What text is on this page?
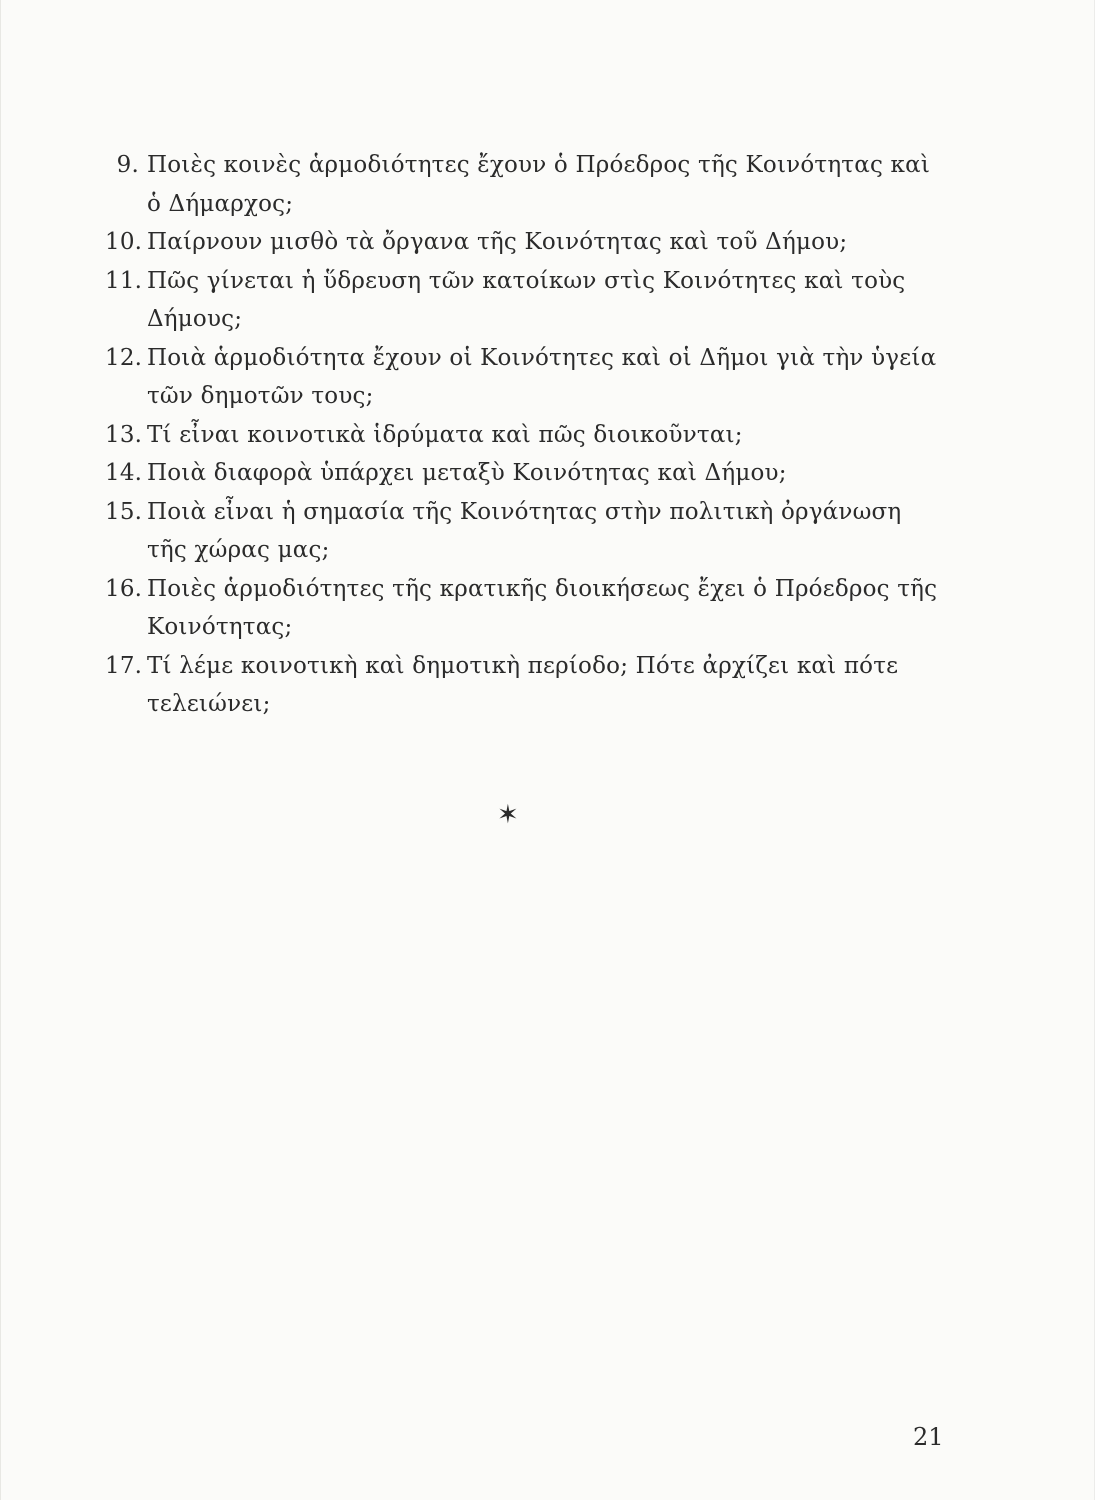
9. Ποιὲς κοινὲς ἁρμοδιότητες ἔχουν ὁ Πρόεδρος τῆς Κοινότητας καὶ ὁ Δήμαρχος;
10. Παίρνουν μισθὸ τὰ ὄργανα τῆς Κοινότητας καὶ τοῦ Δήμου;
11. Πῶς γίνεται ἡ ὕδρευση τῶν κατοίκων στὶς Κοινότητες καὶ τοὺς Δήμους;
12. Ποιὰ ἁρμοδιότητα ἔχουν οἱ Κοινότητες καὶ οἱ Δῆμοι γιὰ τὴν ὑγεία τῶν δημοτῶν τους;
13. Τί εἶναι κοινοτικὰ ἱδρύματα καὶ πῶς διοικοῦνται;
14. Ποιὰ διαφορὰ ὑπάρχει μεταξὺ Κοινότητας καὶ Δήμου;
15. Ποιὰ εἶναι ἡ σημασία τῆς Κοινότητας στὴν πολιτικὴ ὀργάνωση τῆς χώρας μας;
16. Ποιὲς ἁρμοδιότητες τῆς κρατικῆς διοικήσεως ἔχει ὁ Πρόεδρος τῆς Κοινότητας;
17. Τί λέμε κοινοτικὴ καὶ δημοτικὴ περίοδο; Πότε ἀρχίζει καὶ πότε τελειώνει;
✶
21
